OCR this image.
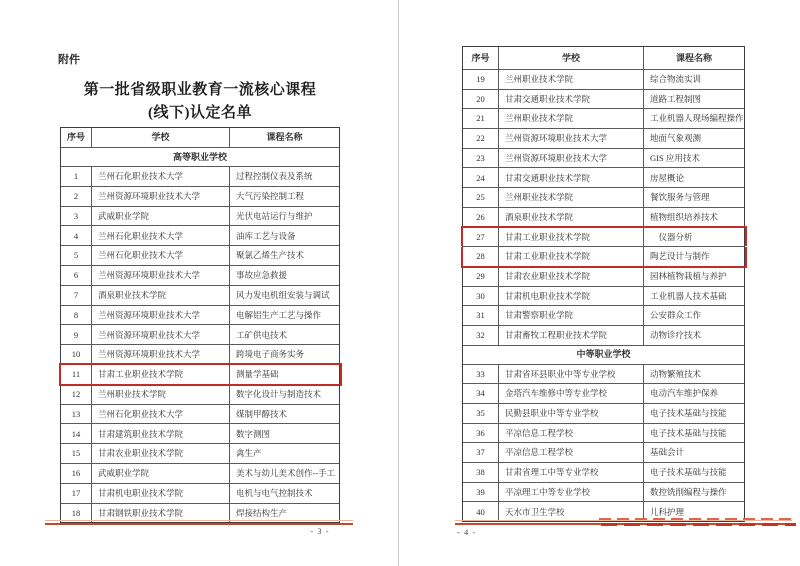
附件
第一批省级职业教育一流核心课程
(线下)认定名单
序号	学校	课程名称
高等职业学校
1	兰州石化职业技术大学	过程控制仪表及系统
2	兰州资源环境职业技术大学	大气污染控制工程
3	武威职业学院	光伏电站运行与维护
4	兰州石化职业技术大学	油库工艺与设备
5	兰州石化职业技术大学	聚氯乙烯生产技术
6	兰州资源环境职业技术大学	事故应急救援
7	酒泉职业技术学院	风力发电机组安装与调试
8	兰州资源环境职业技术大学	电解铝生产工艺与操作
9	兰州资源环境职业技术大学	工矿供电技术
10	兰州资源环境职业技术大学	跨境电子商务实务
11	甘肃工业职业技术学院	测量学基础
12	兰州职业技术学院	数字化设计与制造技术
13	兰州石化职业技术大学	煤制甲醇技术
14	甘肃建筑职业技术学院	数字测图
15	甘肃农业职业技术学院	禽生产
16	武威职业学院	美术与幼儿美术创作--手工
17	甘肃机电职业技术学院	电机与电气控制技术
18	甘肃钢铁职业技术学院	焊接结构生产
- 3 -
序号	学校	课程名称
19	兰州职业技术学院	综合物流实训
20	甘肃交通职业技术学院	道路工程制图
21	兰州职业技术学院	工业机器人现场编程操作
22	兰州资源环境职业技术大学	地面气象观测
23	兰州资源环境职业技术大学	GIS 应用技术
24	甘肃交通职业技术学院	房屋概论
25	兰州职业技术学院	餐饮服务与管理
26	酒泉职业技术学院	植物组织培养技术
27	甘肃工业职业技术学院	　仪器分析
28	甘肃工业职业技术学院	陶艺设计与制作
29	甘肃农业职业技术学院	园林植物栽植与养护
30	甘肃机电职业技术学院	工业机器人技术基础
31	甘肃警察职业学院	公安群众工作
32	甘肃畜牧工程职业技术学院	动物诊疗技术
中等职业学校
33	甘肃省环县职业中等专业学校	动物繁殖技术
34	金塔汽车维修中等专业学校	电动汽车维护保养
35	民勤县职业中等专业学校	电子技术基础与技能
36	平凉信息工程学校	电子技术基础与技能
37	平凉信息工程学校	基础会计
38	甘肃省理工中等专业学校	电子技术基础与技能
39	平凉理工中等专业学校	数控铣削编程与操作
40	天水市卫生学校	儿科护理
- 4 -
